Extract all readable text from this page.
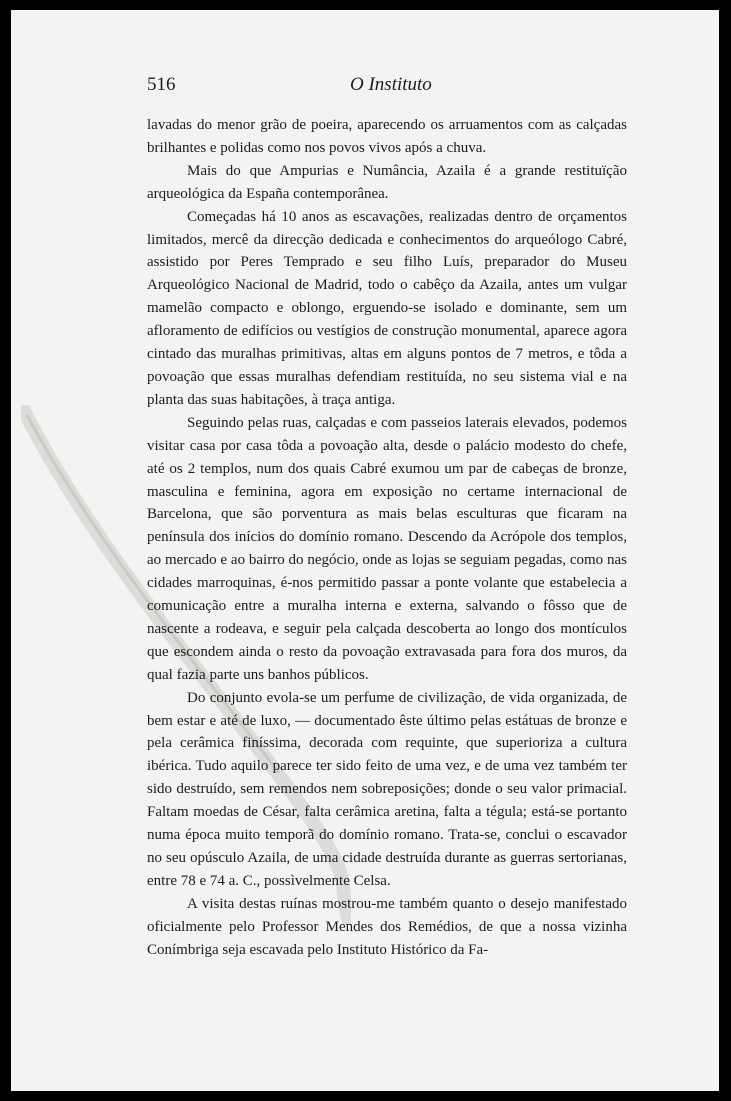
516	O Instituto

lavadas do menor grão de poeira, aparecendo os arruamentos com as calçadas brilhantes e polidas como nos povos vivos após a chuva.

Mais do que Ampurias e Numância, Azaila é a grande restituïção arqueológica da España contemporânea.

Começadas há 10 anos as escavações, realizadas dentro de orçamentos limitados, mercê da direcção dedicada e conhecimentos do arqueólogo Cabré, assistido por Peres Temprado e seu filho Luís, preparador do Museu Arqueológico Nacional de Madrid, todo o cabêço da Azaila, antes um vulgar mamelão compacto e oblongo, erguendo-se isolado e dominante, sem um afloramento de edifícios ou vestígios de construção monumental, aparece agora cintado das muralhas primitivas, altas em alguns pontos de 7 metros, e tôda a povoação que essas muralhas defendiam restituída, no seu sistema vial e na planta das suas habitações, à traça antiga.

Seguindo pelas ruas, calçadas e com passeios laterais elevados, podemos visitar casa por casa tôda a povoação alta, desde o palácio modesto do chefe, até os 2 templos, num dos quais Cabré exumou um par de cabeças de bronze, masculina e feminina, agora em exposição no certame internacional de Barcelona, que são porventura as mais belas esculturas que ficaram na península dos inícios do domínio romano. Descendo da Acrópole dos templos, ao mercado e ao bairro do negócio, onde as lojas se seguiam pegadas, como nas cidades marroquinas, é-nos permitido passar a ponte volante que estabelecia a comunicação entre a muralha interna e externa, salvando o fôsso que de nascente a rodeava, e seguir pela calçada descoberta ao longo dos montículos que escondem ainda o resto da povoação extravasada para fora dos muros, da qual fazia parte uns banhos públicos.

Do conjunto evola-se um perfume de civilização, de vida organizada, de bem estar e até de luxo, — documentado êste último pelas estátuas de bronze e pela cerâmica finíssima, decorada com requinte, que superioriza a cultura ibérica. Tudo aquilo parece ter sido feito de uma vez, e de uma vez também ter sido destruído, sem remendos nem sobreposições; donde o seu valor primacial. Faltam moedas de César, falta cerâmica aretina, falta a tégula; está-se portanto numa época muito temporã do domínio romano. Trata-se, conclui o escavador no seu opúsculo Azaila, de uma cidade destruída durante as guerras sertorianas, entre 78 e 74 a. C., possìvelmente Celsa.

A visita destas ruínas mostrou-me também quanto o desejo manifestado oficialmente pelo Professor Mendes dos Remédios, de que a nossa vizinha Conímbriga seja escavada pelo Instituto Histórico da Fa-
